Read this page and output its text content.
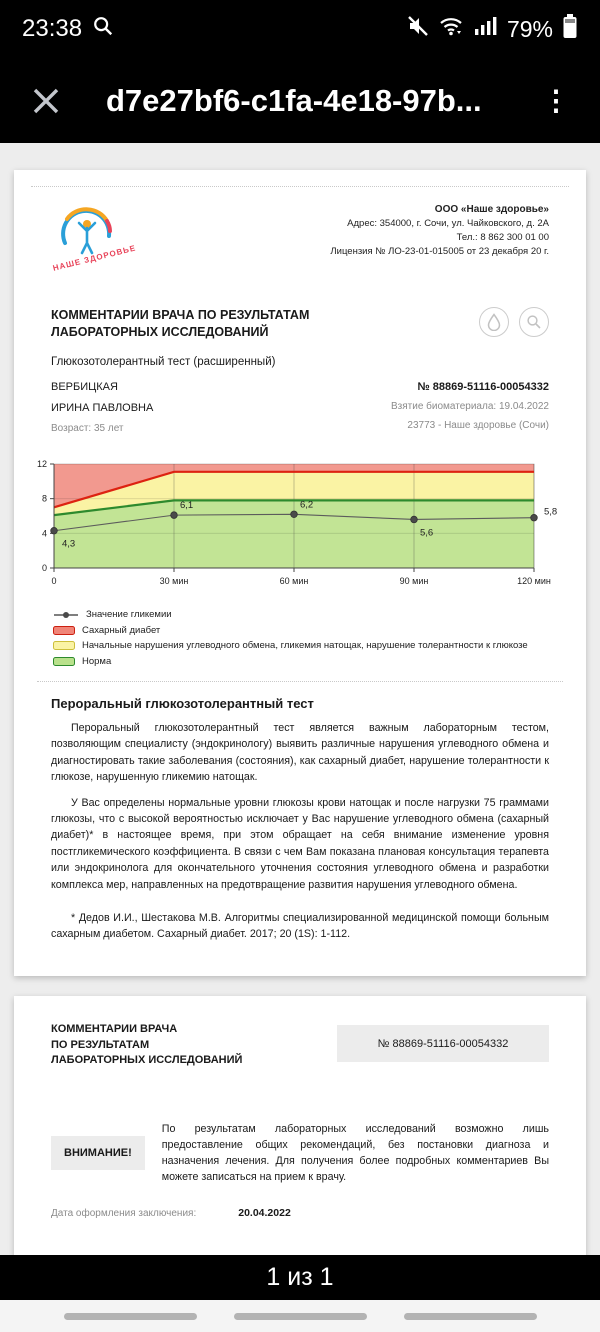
23:38	79%
d7e27bf6-c1fa-4e18-97b...	⋮
НАШЕ ЗДОРОВЬЕ
ООО «Наше здоровье»
Адрес: 354000, г. Сочи, ул. Чайковского, д. 2А
Тел.: 8 862 300 01 00
Лицензия № ЛО-23-01-015005 от 23 декабря 20 г.
КОММЕНТАРИИ ВРАЧА ПО РЕЗУЛЬТАТАМ ЛАБОРАТОРНЫХ ИССЛЕДОВАНИЙ
Глюкозотолерантный тест (расширенный)
ВЕРБИЦКАЯ
ИРИНА ПАВЛОВНА
Возраст: 35 лет
№ 88869-51116-00054332
Взятие биоматериала: 19.04.2022
23773 - Наше здоровье (Сочи)
0
4
8
12
0	30 мин	60 мин	90 мин	120 мин
4,3
6,1	6,2
5,6
5,8
Значение гликемии
Сахарный диабет
Начальные нарушения углеводного обмена, гликемия натощак, нарушение толерантности к глюкозе
Норма
Пероральный глюкозотолерантный тест

Пероральный глюкозотолерантный тест является важным лабораторным тестом, позволяющим специалисту (эндокринологу) выявить различные нарушения углеводного обмена и диагностировать такие заболевания (состояния), как сахарный диабет, нарушение толерантности к глюкозе, нарушенную гликемию натощак.

У Вас определены нормальные уровни глюкозы крови натощак и после нагрузки 75 граммами глюкозы, что с высокой вероятностью исключает у Вас нарушение углеводного обмена (сахарный диабет)* в настоящее время, при этом обращает на себя внимание изменение уровня постгликемического коэффициента. В связи с чем Вам показана плановая консультация терапевта или эндокринолога для окончательного уточнения состояния углеводного обмена и разработки комплекса мер, направленных на предотвращение развития нарушения углеводного обмена.

* Дедов И.И., Шестакова М.В. Алгоритмы специализированной медицинской помощи больным сахарным диабетом. Сахарный диабет. 2017; 20 (1S): 1-112.
КОММЕНТАРИИ ВРАЧА
ПО РЕЗУЛЬТАТАМ
ЛАБОРАТОРНЫХ ИССЛЕДОВАНИЙ
№ 88869-51116-00054332
ВНИМАНИЕ!
По результатам лабораторных исследований возможно лишь предоставление общих рекомендаций, без постановки диагноза и назначения лечения. Для получения более подробных комментариев Вы можете записаться на прием к врачу.
Дата оформления заключения:	20.04.2022
1 из 1
